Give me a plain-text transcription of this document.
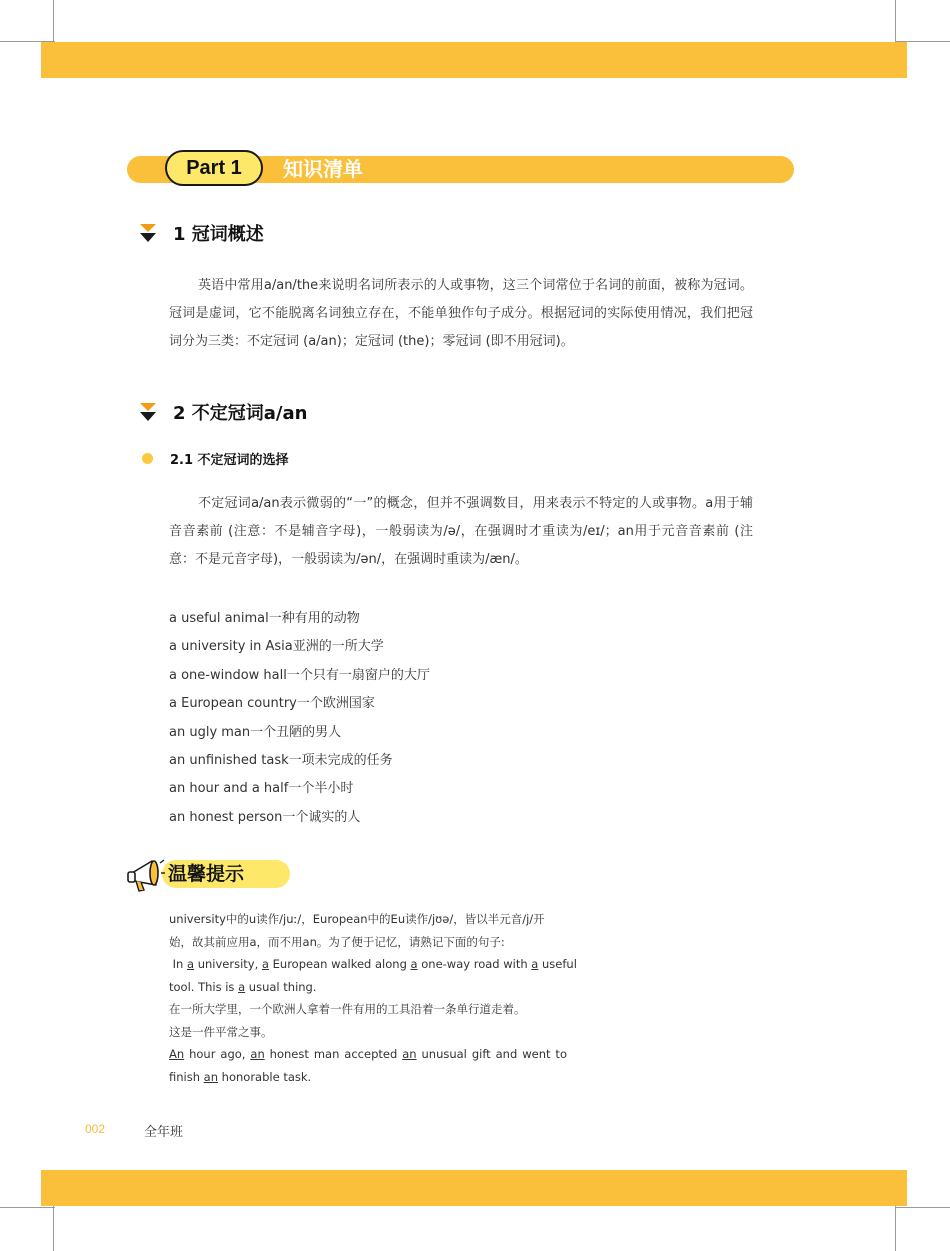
Part 1	知识清单
1 冠词概述
英语中常用a/an/the来说明名词所表示的人或事物，这三个词常位于名词的前面，被称为冠词。冠词是虚词，它不能脱离名词独立存在，不能单独作句子成分。根据冠词的实际使用情况，我们把冠词分为三类：不定冠词 (a/an)；定冠词 (the)；零冠词 (即不用冠词)。
2 不定冠词a/an
2.1 不定冠词的选择
不定冠词a/an表示微弱的“一”的概念，但并不强调数目，用来表示不特定的人或事物。a用于辅音音素前 (注意：不是辅音字母)，一般弱读为/ə/，在强调时才重读为/eɪ/；an用于元音音素前 (注意：不是元音字母)，一般弱读为/ən/，在强调时重读为/æn/。
a useful animal一种有用的动物
a university in Asia亚洲的一所大学
a one-window hall一个只有一扇窗户的大厅
a European country一个欧洲国家
an ugly man一个丑陋的男人
an unfinished task一项未完成的任务
an hour and a half一个半小时
an honest person一个诚实的人
温馨提示
university中的u读作/juː/，European中的Eu读作/jʊə/，皆以半元音/j/开
始，故其前应用a，而不用an。为了便于记忆，请熟记下面的句子:
In a university, a European walked along a one-way road with a useful
tool. This is a usual thing.
在一所大学里，一个欧洲人拿着一件有用的工具沿着一条单行道走着。
这是一件平常之事。
An hour ago, an honest man accepted an unusual gift and went to
finish an honorable task.
002	全年班
